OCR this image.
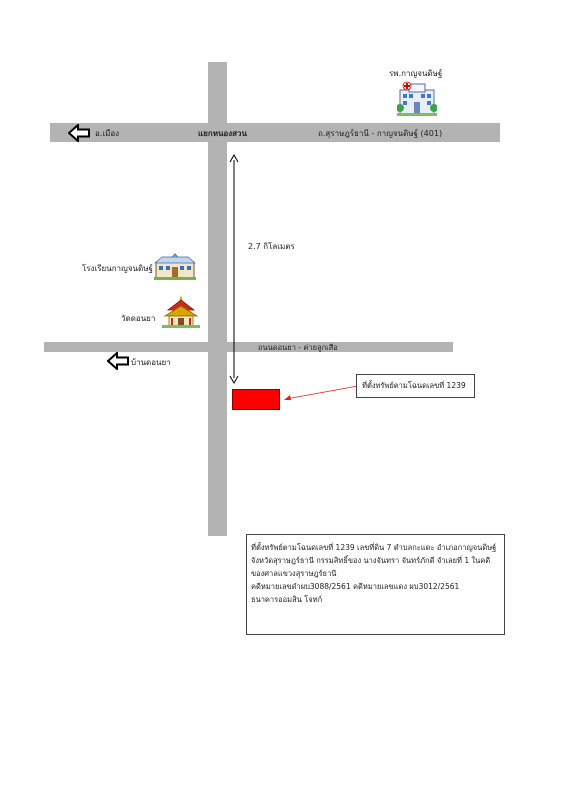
รพ.กาญจนดิษฐ์
อ.เมือง	แยกหนองสวน	ถ.สุราษฎร์ธานี - กาญจนดิษฐ์ (401)
2.7 กิโลเมตร
โรงเรียนกาญจนดิษฐ์
วัดดอนยา
ถนนดอนยา - ค่ายลูกเสือ
บ้านดอนยา
ที่ตั้งทรัพย์ตามโฉนดเลขที่ 1239
ที่ตั้งทรัพย์ตามโฉนดเลขที่ 1239 เลขที่ดิน 7 ตำบลกะแดะ อำเภอกาญจนดิษฐ์
จังหวัดสุราษฎร์ธานี กรรมสิทธิ์ของ นางจันทรา จันทร์ภักดี จำเลยที่ 1 ในคดี
ของศาลแขวงสุราษฎร์ธานี
คดีหมายเลขดำผบ3088/2561 คดีหมายเลขแดง ผบ3012/2561
ธนาคารออมสิน โจทก์
